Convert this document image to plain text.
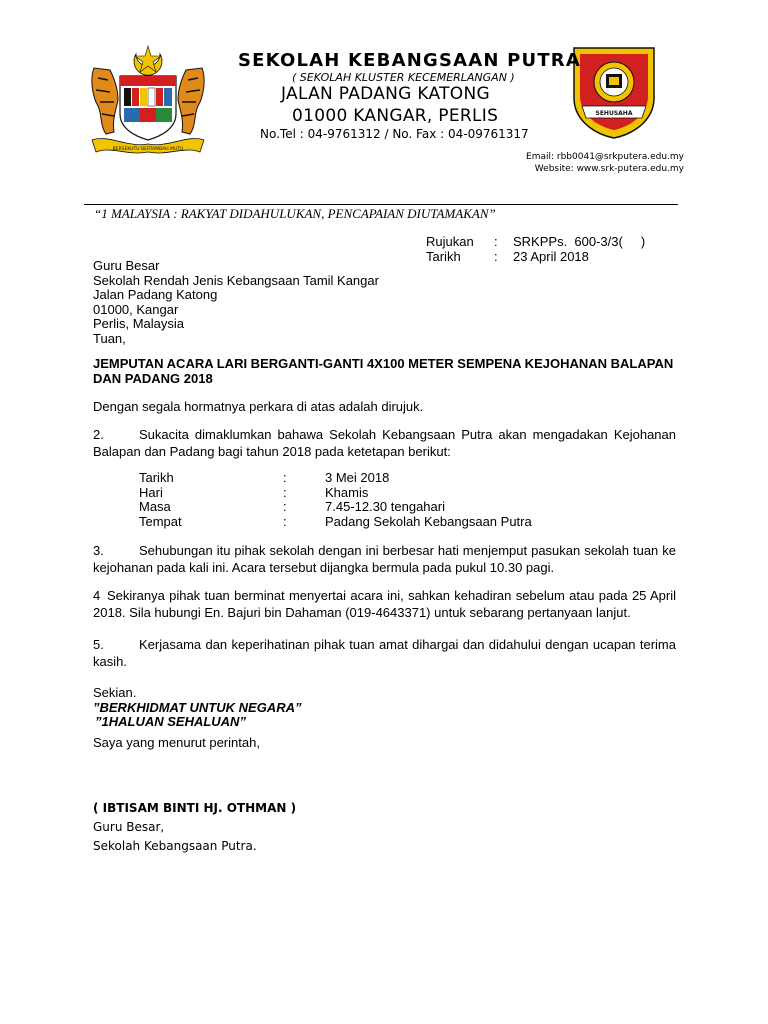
BERSEKUTU BERTAMBAH MUTU
SEHUSAHA
SEKOLAH KEBANGSAAN PUTRA
( SEKOLAH KLUSTER KECEMERLANGAN )
JALAN PADANG KATONG
01000 KANGAR, PERLIS
No.Tel : 04-9761312 / No. Fax : 04-09761317
Email: rbb0041@srkputera.edu.my
Website: www.srk-putera.edu.my
“1 MALAYSIA : RAKYAT DIDAHULUKAN, PENCAPAIAN DIUTAMAKAN”
Rujukan	:	SRKPPs.  600-3/3(     )
Tarikh	:	23 April 2018
Guru Besar
Sekolah Rendah Jenis Kebangsaan Tamil Kangar
Jalan Padang Katong
01000, Kangar
Perlis, Malaysia
Tuan,
JEMPUTAN ACARA LARI BERGANTI-GANTI 4X100 METER SEMPENA KEJOHANAN BALAPAN DAN PADANG 2018
Dengan segala hormatnya perkara di atas adalah dirujuk.
2.	Sukacita dimaklumkan bahawa Sekolah Kebangsaan Putra akan mengadakan Kejohanan Balapan dan Padang bagi tahun 2018 pada ketetapan berikut:
Tarikh	:	3 Mei 2018
Hari	:	Khamis
Masa	:	7.45-12.30 tengahari
Tempat	:	Padang Sekolah Kebangsaan Putra
3.	Sehubungan itu pihak sekolah dengan ini berbesar hati menjemput pasukan sekolah tuan ke kejohanan pada kali ini. Acara tersebut dijangka bermula pada pukul 10.30 pagi.
4 Sekiranya pihak tuan berminat menyertai acara ini, sahkan kehadiran sebelum atau pada 25 April 2018. Sila hubungi En. Bajuri bin Dahaman (019-4643371) untuk sebarang pertanyaan lanjut.
5.	Kerjasama dan keperihatinan pihak tuan amat dihargai dan didahului dengan ucapan terima kasih.
Sekian.
”BERKHIDMAT UNTUK NEGARA”
”1HALUAN SEHALUAN”
Saya yang menurut perintah,
( IBTISAM BINTI HJ. OTHMAN )
Guru Besar,
Sekolah Kebangsaan Putra.
